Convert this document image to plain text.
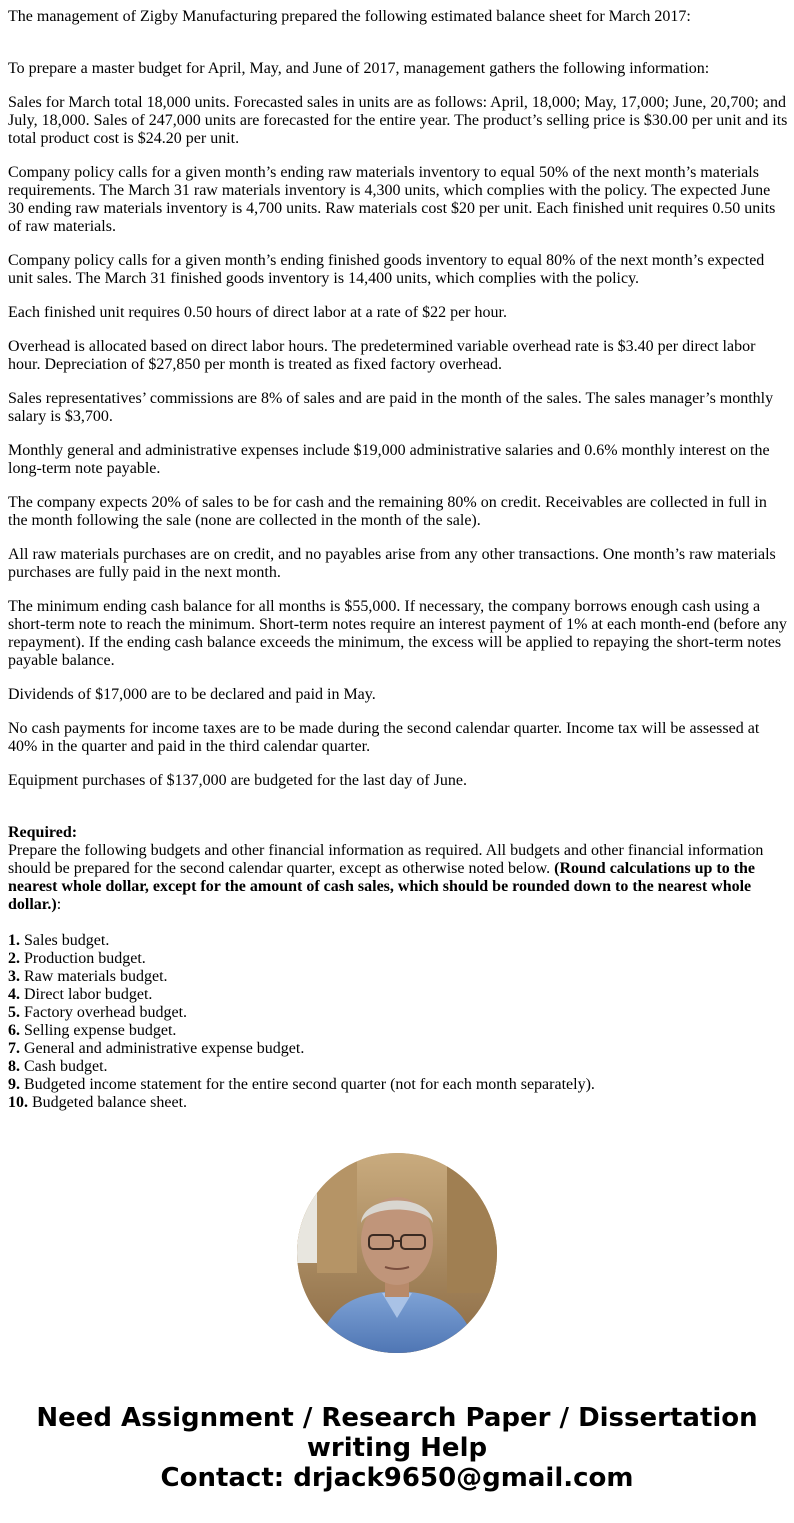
The management of Zigby Manufacturing prepared the following estimated balance sheet for March 2017:

To prepare a master budget for April, May, and June of 2017, management gathers the following information:

Sales for March total 18,000 units. Forecasted sales in units are as follows: April, 18,000; May, 17,000; June, 20,700; and July, 18,000. Sales of 247,000 units are forecasted for the entire year. The product’s selling price is $30.00 per unit and its total product cost is $24.20 per unit.

Company policy calls for a given month’s ending raw materials inventory to equal 50% of the next month’s materials requirements. The March 31 raw materials inventory is 4,300 units, which complies with the policy. The expected June 30 ending raw materials inventory is 4,700 units. Raw materials cost $20 per unit. Each finished unit requires 0.50 units of raw materials.

Company policy calls for a given month’s ending finished goods inventory to equal 80% of the next month’s expected unit sales. The March 31 finished goods inventory is 14,400 units, which complies with the policy.

Each finished unit requires 0.50 hours of direct labor at a rate of $22 per hour.

Overhead is allocated based on direct labor hours. The predetermined variable overhead rate is $3.40 per direct labor hour. Depreciation of $27,850 per month is treated as fixed factory overhead.

Sales representatives’ commissions are 8% of sales and are paid in the month of the sales. The sales manager’s monthly salary is $3,700.

Monthly general and administrative expenses include $19,000 administrative salaries and 0.6% monthly interest on the long-term note payable.

The company expects 20% of sales to be for cash and the remaining 80% on credit. Receivables are collected in full in the month following the sale (none are collected in the month of the sale).

All raw materials purchases are on credit, and no payables arise from any other transactions. One month’s raw materials purchases are fully paid in the next month.

The minimum ending cash balance for all months is $55,000. If necessary, the company borrows enough cash using a short-term note to reach the minimum. Short-term notes require an interest payment of 1% at each month-end (before any repayment). If the ending cash balance exceeds the minimum, the excess will be applied to repaying the short-term notes payable balance.

Dividends of $17,000 are to be declared and paid in May.

No cash payments for income taxes are to be made during the second calendar quarter. Income tax will be assessed at 40% in the quarter and paid in the third calendar quarter.

Equipment purchases of $137,000 are budgeted for the last day of June.

Required:
Prepare the following budgets and other financial information as required. All budgets and other financial information should be prepared for the second calendar quarter, except as otherwise noted below. (Round calculations up to the nearest whole dollar, except for the amount of cash sales, which should be rounded down to the nearest whole dollar.):
1. Sales budget.
2. Production budget.
3. Raw materials budget.
4. Direct labor budget.
5. Factory overhead budget.
6. Selling expense budget.
7. General and administrative expense budget.
8. Cash budget.
9. Budgeted income statement for the entire second quarter (not for each month separately).
10. Budgeted balance sheet.
Need Assignment / Research Paper / Dissertation
writing Help
Contact: drjack9650@gmail.com
